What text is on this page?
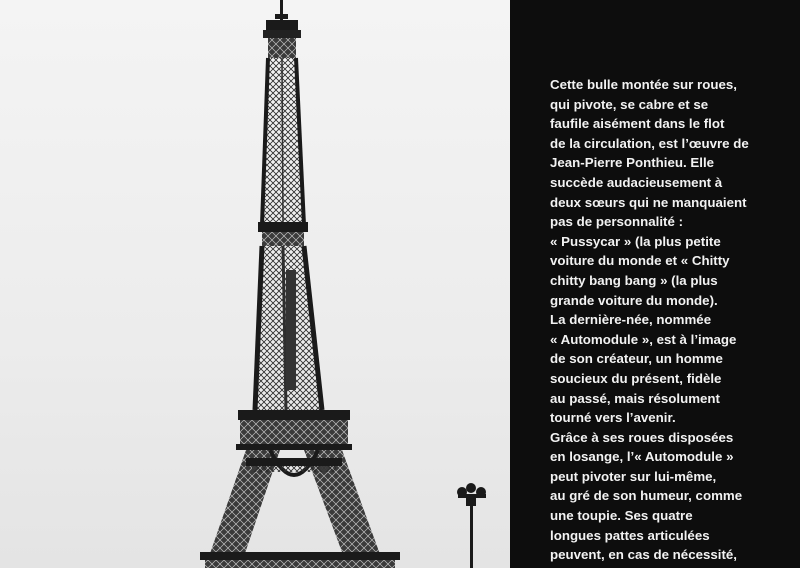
Cette bulle montée sur roues,
qui pivote, se cabre et se
faufile aisément dans le flot
de la circulation, est l’œuvre de
Jean-Pierre Ponthieu. Elle
succède audacieusement à
deux sœurs qui ne manquaient
pas de personnalité :
« Pussycar » (la plus petite
voiture du monde et « Chitty
chitty bang bang » (la plus
grande voiture du monde).
La dernière-née, nommée
« Automodule », est à l’image
de son créateur, un homme
soucieux du présent, fidèle
au passé, mais résolument
tourné vers l’avenir.
Grâce à ses roues disposées
en losange, l’« Automodule »
peut pivoter sur lui-même,
au gré de son humeur, comme
une toupie. Ses quatre
longues pattes articulées
peuvent, en cas de nécessité,
